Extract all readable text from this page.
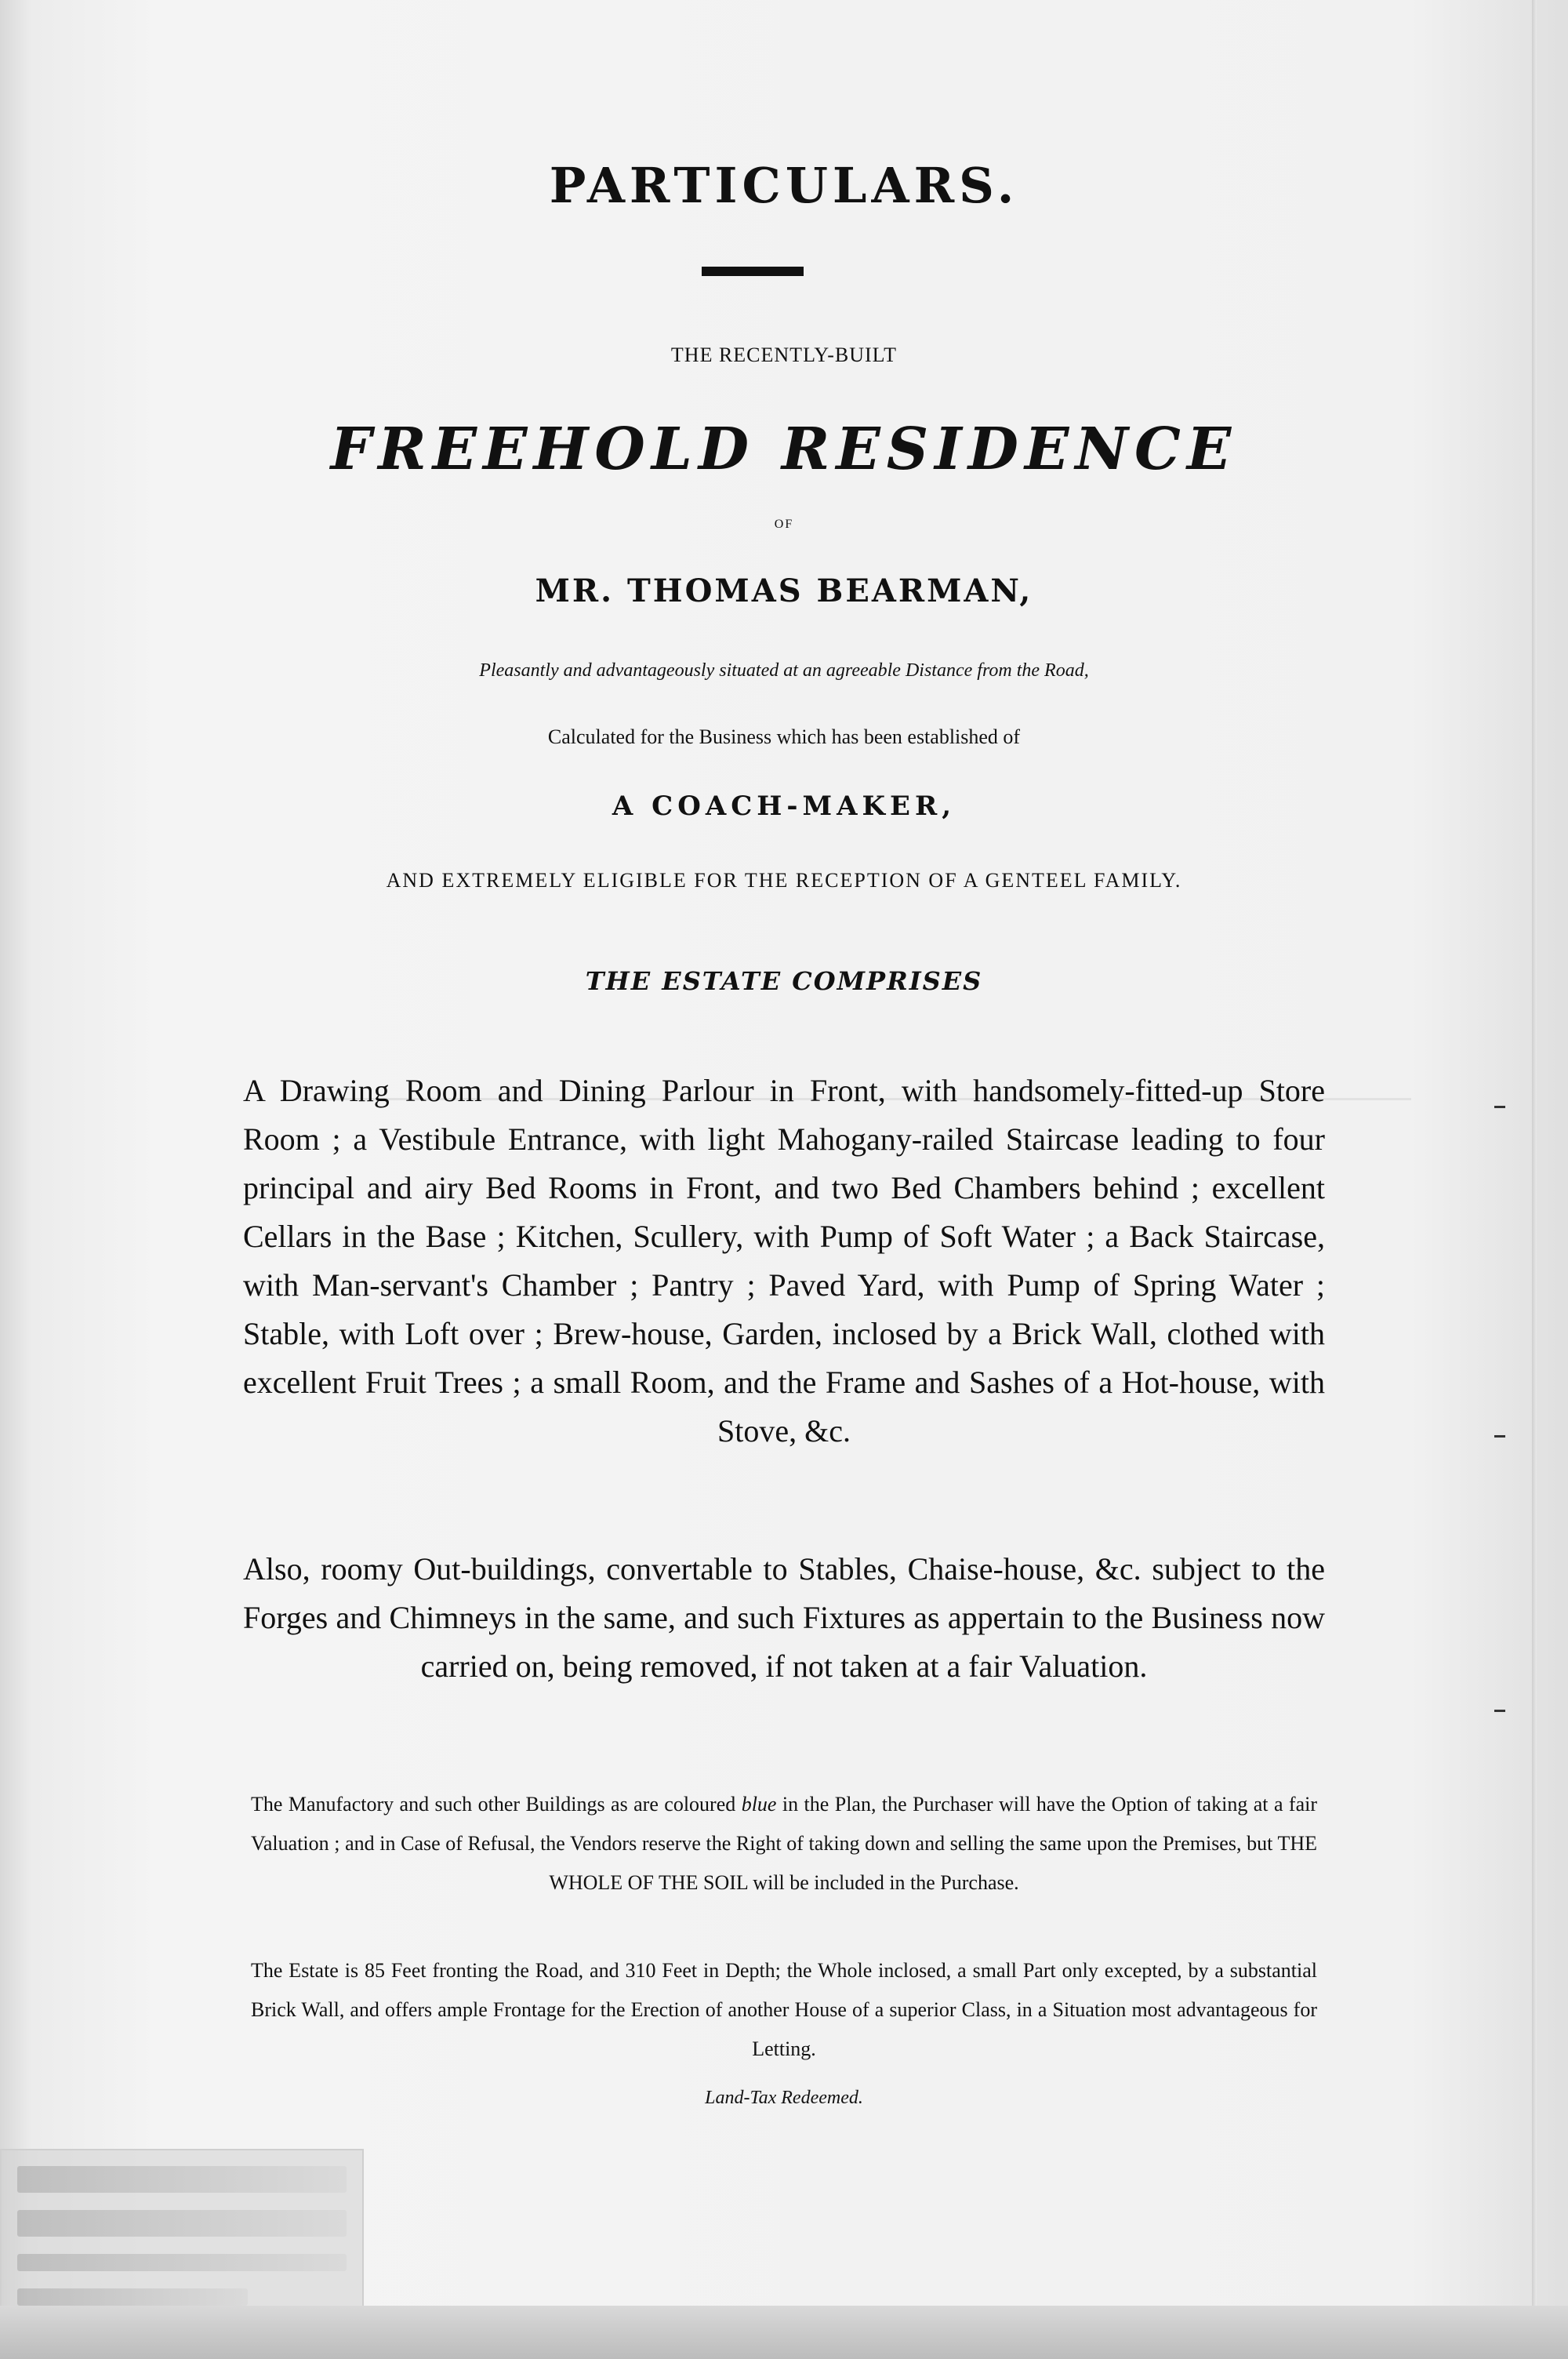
PARTICULARS.

THE RECENTLY-BUILT

FREEHOLD RESIDENCE

OF

MR. THOMAS BEARMAN,

Pleasantly and advantageously situated at an agreeable Distance from the Road,

Calculated for the Business which has been established of

A COACH-MAKER,

AND EXTREMELY ELIGIBLE FOR THE RECEPTION OF A GENTEEL FAMILY.

THE ESTATE COMPRISES

A Drawing Room and Dining Parlour in Front, with handsomely-fitted-up Store Room ; a Vestibule Entrance, with light Mahogany-railed Staircase leading to four principal and airy Bed Rooms in Front, and two Bed Chambers behind ; excellent Cellars in the Base ; Kitchen, Scullery, with Pump of Soft Water ; a Back Staircase, with Man-servant's Chamber ; Pantry ; Paved Yard, with Pump of Spring Water ; Stable, with Loft over ; Brew-house, Garden, inclosed by a Brick Wall, clothed with excellent Fruit Trees ; a small Room, and the Frame and Sashes of a Hot-house, with Stove, &c.

Also, roomy Out-buildings, convertable to Stables, Chaise-house, &c. subject to the Forges and Chimneys in the same, and such Fixtures as appertain to the Business now carried on, being removed, if not taken at a fair Valuation.

The Manufactory and such other Buildings as are coloured blue in the Plan, the Purchaser will have the Option of taking at a fair Valuation ; and in Case of Refusal, the Vendors reserve the Right of taking down and selling the same upon the Premises, but THE WHOLE OF THE SOIL will be included in the Purchase.

The Estate is 85 Feet fronting the Road, and 310 Feet in Depth; the Whole inclosed, a small Part only excepted, by a substantial Brick Wall, and offers ample Frontage for the Erection of another House of a superior Class, in a Situation most advantageous for Letting.

Land-Tax Redeemed.
